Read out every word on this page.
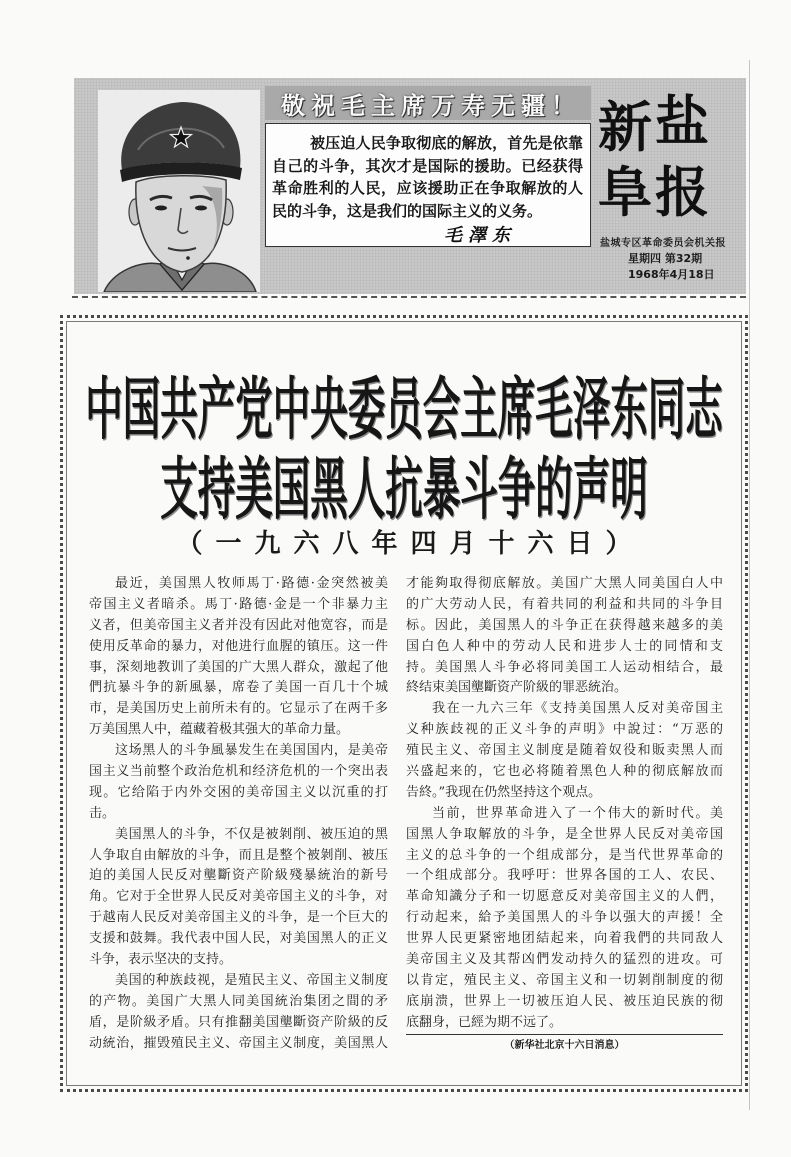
敬祝毛主席万寿无疆！
被压迫人民争取彻底的解放，首先是依靠
自己的斗争，其次才是国际的援助。已经获得
革命胜利的人民，应该援助正在争取解放的人
民的斗争，这是我们的国际主义的义务。
毛澤东
新 盐
阜 报
盐城专区革命委员会机关报
星期四 第32期
1968年4月18日
中国共产党中央委员会主席毛泽东同志
支持美国黑人抗暴斗争的声明
（一九六八年四月十六日）
最近，美国黑人牧师馬丁·路德·金突然被美
帝国主义者暗杀。馬丁·路德·金是一个非暴力主
义者，但美帝国主义者并没有因此对他宽容，而是
使用反革命的暴力，对他进行血腥的镇压。这一件
事，深刻地教训了美国的广大黑人群众，激起了他
們抗暴斗争的新風暴，席卷了美国一百几十个城
市，是美国历史上前所未有的。它显示了在两千多
万美国黑人中，蕴藏着极其强大的革命力量。
这场黑人的斗争風暴发生在美国国内，是美帝
国主义当前整个政治危机和经济危机的一个突出表
现。它给陷于内外交困的美帝国主义以沉重的打
击。
美国黑人的斗争，不仅是被剝削、被压迫的黑
人争取自由解放的斗争，而且是整个被剝削、被压
迫的美国人民反对壟斷资产阶級殘暴統治的新号
角。它对于全世界人民反对美帝国主义的斗争，对
于越南人民反对美帝国主义的斗争，是一个巨大的
支援和鼓舞。我代表中国人民，对美国黑人的正义
斗争，表示坚决的支持。
美国的种族歧视，是殖民主义、帝国主义制度
的产物。美国广大黑人同美国統治集团之間的矛
盾，是阶級矛盾。只有推翻美国壟斷资产阶級的反
动統治，摧毁殖民主义、帝国主义制度，美国黑人
才能夠取得彻底解放。美国广大黑人同美国白人中
的广大劳动人民，有着共同的利益和共同的斗争目
标。因此，美国黑人的斗争正在获得越来越多的美
国白色人种中的劳动人民和进步人士的同情和支
持。美国黑人斗争必将同美国工人运动相结合，最
終结束美国壟斷资产阶級的罪恶統治。
我在一九六三年《支持美国黑人反对美帝国主
义种族歧视的正义斗争的声明》中說过：“万恶的
殖民主义、帝国主义制度是随着奴役和販卖黑人而
兴盛起来的，它也必将随着黑色人种的彻底解放而
告終。”我现在仍然坚持这个观点。
当前，世界革命进入了一个伟大的新时代。美
国黑人争取解放的斗争，是全世界人民反对美帝国
主义的总斗争的一个组成部分，是当代世界革命的
一个组成部分。我呼吁：世界各国的工人、农民、
革命知識分子和一切愿意反对美帝国主义的人們，
行动起来，給予美国黑人的斗争以强大的声援！全
世界人民更紧密地团結起来，向着我們的共同敌人
美帝国主义及其帮凶們发动持久的猛烈的进攻。可
以肯定，殖民主义、帝国主义和一切剝削制度的彻
底崩溃，世界上一切被压迫人民、被压迫民族的彻
底翻身，已經为期不远了。
（新华社北京十六日消息）
